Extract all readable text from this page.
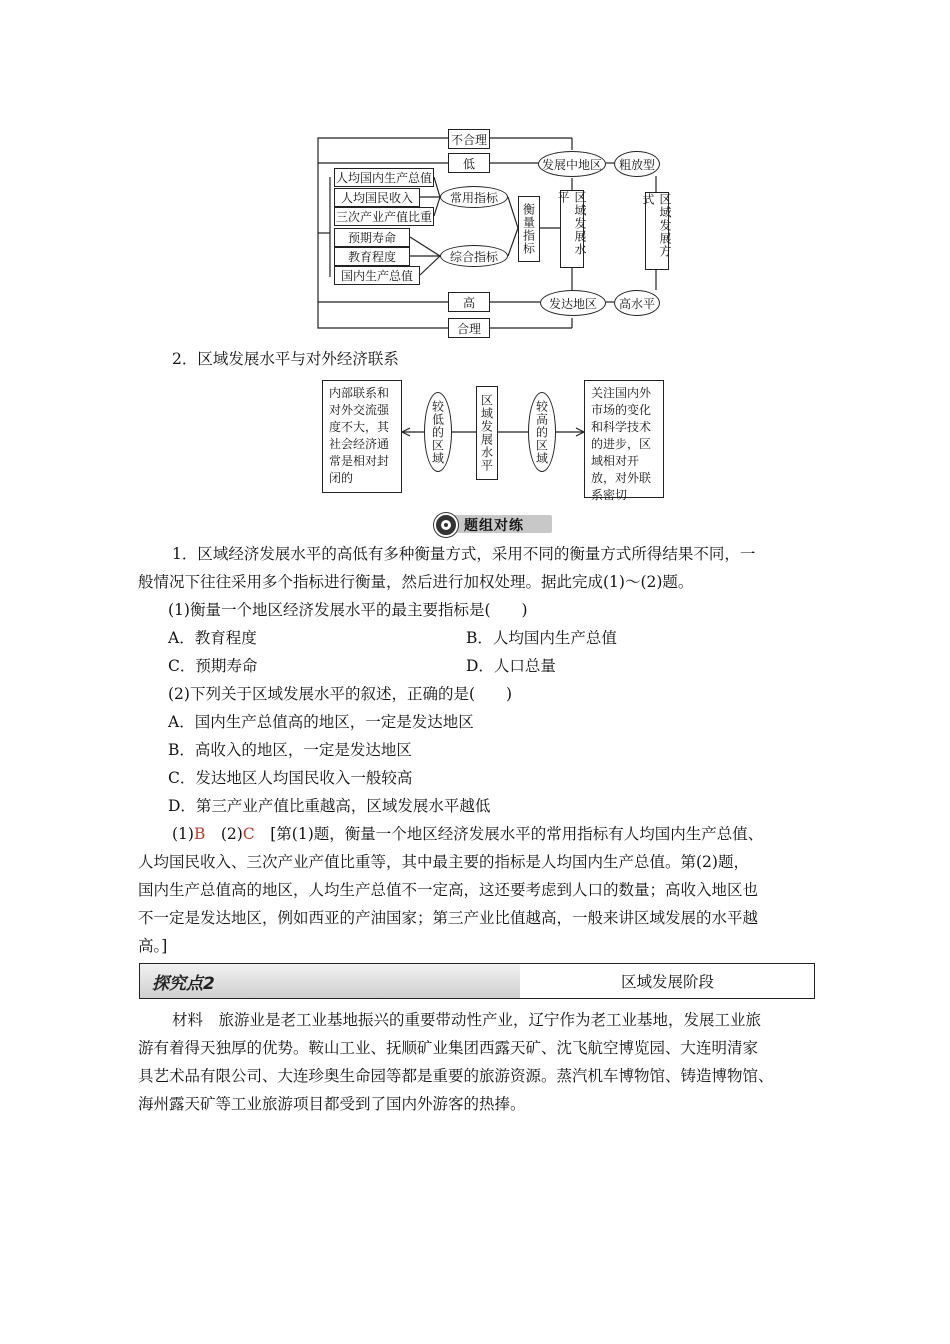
不合理
低
高
合理
人均国内生产总值
人均国民收入
三次产业产值比重
预期寿命
教育程度
国内生产总值
常用指标
综合指标
衡量指标	区域发展水平
发展中地区
发达地区
粗放型
高水平
区域发展方式
2．区域发展水平与对外经济联系
内部联系和对外交流强度不大，其社会经济通常是相对封闭的
较低的区域	区域发展水平	较高的区域
关注国内外市场的变化和科学技术的进步，区域相对开放，对外联系密切
题组对练
1．区域经济发展水平的高低有多种衡量方式，采用不同的衡量方式所得结果不同，一
般情况下往往采用多个指标进行衡量，然后进行加权处理。据此完成(1)～(2)题。
(1)衡量一个地区经济发展水平的最主要指标是(　　)
A．教育程度	B．人均国内生产总值
C．预期寿命	D．人口总量
(2)下列关于区域发展水平的叙述，正确的是(　　)
A．国内生产总值高的地区，一定是发达地区
B．高收入的地区，一定是发达地区
C．发达地区人均国民收入一般较高
D．第三产业产值比重越高，区域发展水平越低
(1)B　 (2)C　 [第(1)题，衡量一个地区经济发展水平的常用指标有人均国内生产总值、
人均国民收入、三次产业产值比重等，其中最主要的指标是人均国内生产总值。第(2)题，
国内生产总值高的地区，人均生产总值不一定高，这还要考虑到人口的数量；高收入地区也
不一定是发达地区，例如西亚的产油国家；第三产业比值越高，一般来讲区域发展的水平越
高。]
探究点2	区域发展阶段
材料　旅游业是老工业基地振兴的重要带动性产业，辽宁作为老工业基地，发展工业旅
游有着得天独厚的优势。鞍山工业、抚顺矿业集团西露天矿、沈飞航空博览园、大连明清家
具艺术品有限公司、大连珍奥生命园等都是重要的旅游资源。蒸汽机车博物馆、铸造博物馆、
海州露天矿等工业旅游项目都受到了国内外游客的热捧。
